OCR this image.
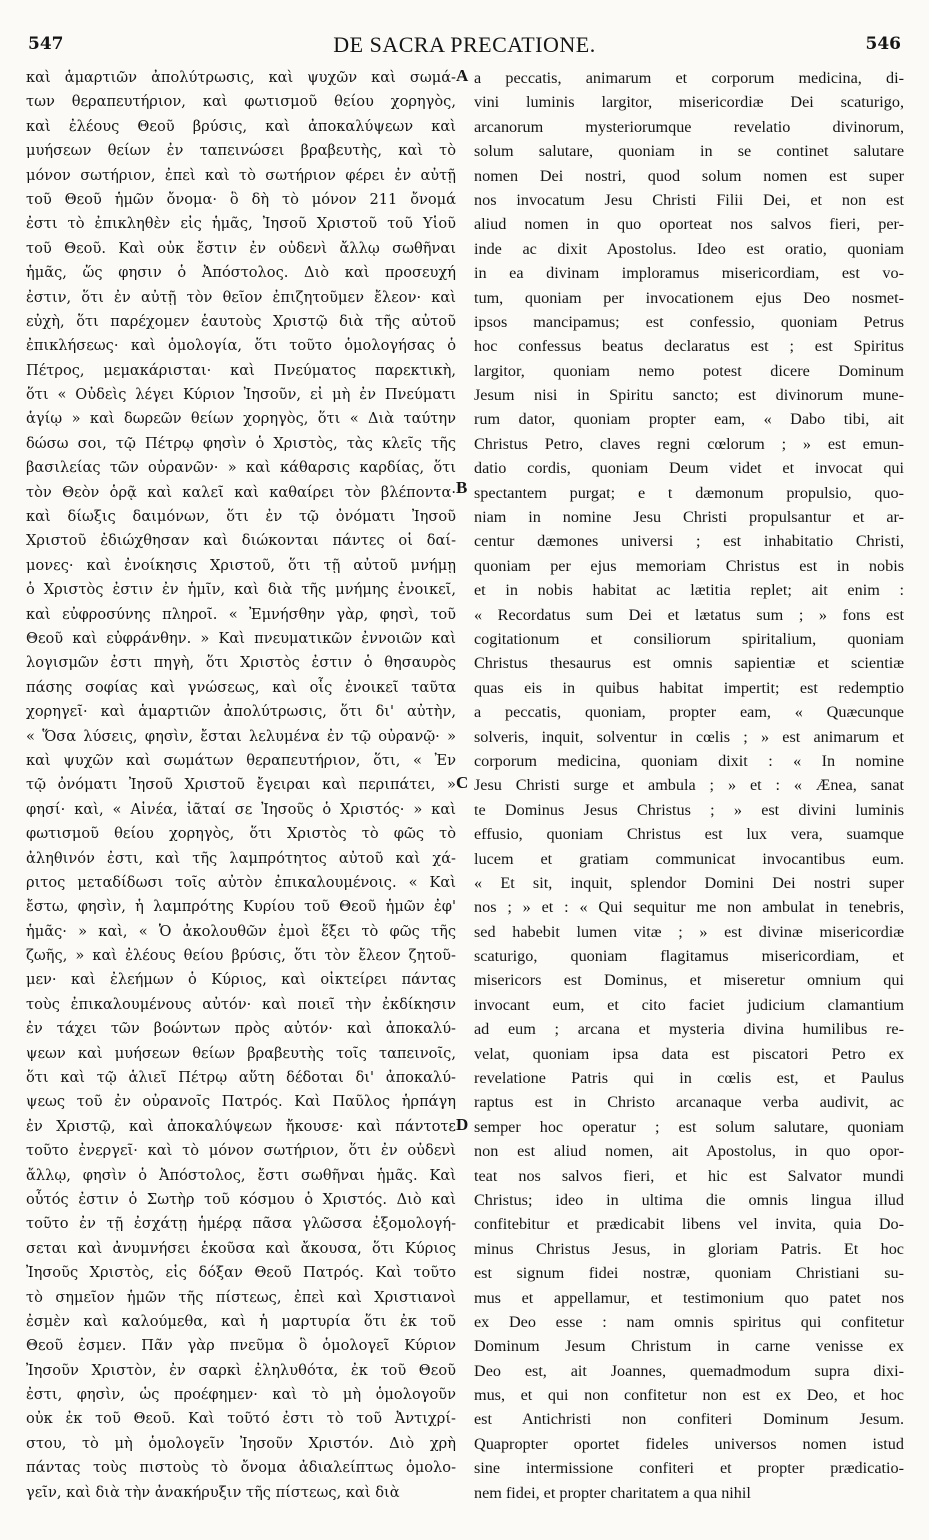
547	DE SACRA PRECATIONE.	546
καὶ ἁμαρτιῶν ἀπολύτρωσις, καὶ ψυχῶν καὶ σωμά-
των θεραπευτήριον, καὶ φωτισμοῦ θείου χορηγὸς,
καὶ ἐλέους Θεοῦ βρύσις, καὶ ἀποκαλύψεων καὶ
μυήσεων θείων ἐν ταπεινώσει βραβευτὴς, καὶ τὸ
μόνον σωτήριον, ἐπεὶ καὶ τὸ σωτήριον φέρει ἐν αὐτῇ
τοῦ Θεοῦ ἡμῶν ὄνομα· ὃ δὴ τὸ μόνον 211 ὄνομά
ἐστι τὸ ἐπικληθὲν εἰς ἡμᾶς, Ἰησοῦ Χριστοῦ τοῦ Υἱοῦ
τοῦ Θεοῦ. Καὶ οὐκ ἔστιν ἐν οὐδενὶ ἄλλῳ σωθῆναι
ἡμᾶς, ὥς φησιν ὁ Ἀπόστολος. Διὸ καὶ προσευχή
ἐστιν, ὅτι ἐν αὐτῇ τὸν θεῖον ἐπιζητοῦμεν ἔλεον· καὶ
εὐχὴ, ὅτι παρέχομεν ἑαυτοὺς Χριστῷ διὰ τῆς αὐτοῦ
ἐπικλήσεως· καὶ ὁμολογία, ὅτι τοῦτο ὁμολογήσας ὁ
Πέτρος, μεμακάρισται· καὶ Πνεύματος παρεκτικὴ,
ὅτι « Οὐδεὶς λέγει Κύριον Ἰησοῦν, εἰ μὴ ἐν Πνεύματι
ἁγίῳ » καὶ δωρεῶν θείων χορηγὸς, ὅτι « Διὰ ταύτην
δώσω σοι, τῷ Πέτρῳ φησὶν ὁ Χριστὸς, τὰς κλεῖς τῆς
βασιλείας τῶν οὐρανῶν· » καὶ κάθαρσις καρδίας, ὅτι
τὸν Θεὸν ὁρᾷ καὶ καλεῖ καὶ καθαίρει τὸν βλέποντα·
καὶ δίωξις δαιμόνων, ὅτι ἐν τῷ ὀνόματι Ἰησοῦ
Χριστοῦ ἐδιώχθησαν καὶ διώκονται πάντες οἱ δαί-
μονες· καὶ ἐνοίκησις Χριστοῦ, ὅτι τῇ αὐτοῦ μνήμῃ
ὁ Χριστὸς ἐστιν ἐν ἡμῖν, καὶ διὰ τῆς μνήμης ἐνοικεῖ,
καὶ εὐφροσύνης πληροῖ. « Ἐμνήσθην γὰρ, φησὶ, τοῦ
Θεοῦ καὶ εὐφράνθην. » Καὶ πνευματικῶν ἐννοιῶν καὶ
λογισμῶν ἐστι πηγὴ, ὅτι Χριστὸς ἐστιν ὁ θησαυρὸς
πάσης σοφίας καὶ γνώσεως, καὶ οἷς ἐνοικεῖ ταῦτα
χορηγεῖ· καὶ ἁμαρτιῶν ἀπολύτρωσις, ὅτι δι' αὐτὴν,
« Ὅσα λύσεις, φησὶν, ἔσται λελυμένα ἐν τῷ οὐρανῷ· »
καὶ ψυχῶν καὶ σωμάτων θεραπευτήριον, ὅτι, « Ἐν
τῷ ὀνόματι Ἰησοῦ Χριστοῦ ἔγειραι καὶ περιπάτει, »
φησί· καὶ, « Αἰνέα, ἰᾶταί σε Ἰησοῦς ὁ Χριστός· » καὶ
φωτισμοῦ θείου χορηγὸς, ὅτι Χριστὸς τὸ φῶς τὸ
ἀληθινόν ἐστι, καὶ τῆς λαμπρότητος αὐτοῦ καὶ χά-
ριτος μεταδίδωσι τοῖς αὐτὸν ἐπικαλουμένοις. « Καὶ
ἔστω, φησὶν, ἡ λαμπρότης Κυρίου τοῦ Θεοῦ ἡμῶν ἐφ'
ἡμᾶς· » καὶ, « Ὁ ἀκολουθῶν ἐμοὶ ἕξει τὸ φῶς τῆς
ζωῆς, » καὶ ἐλέους θείου βρύσις, ὅτι τὸν ἔλεον ζητοῦ-
μεν· καὶ ἐλεήμων ὁ Κύριος, καὶ οἰκτείρει πάντας
τοὺς ἐπικαλουμένους αὐτόν· καὶ ποιεῖ τὴν ἐκδίκησιν
ἐν τάχει τῶν βοώντων πρὸς αὐτόν· καὶ ἀποκαλύ-
ψεων καὶ μυήσεων θείων βραβευτὴς τοῖς ταπεινοῖς,
ὅτι καὶ τῷ ἁλιεῖ Πέτρῳ αὕτη δέδοται δι' ἀποκαλύ-
ψεως τοῦ ἐν οὐρανοῖς Πατρός. Καὶ Παῦλος ἡρπάγη
ἐν Χριστῷ, καὶ ἀποκαλύψεων ἤκουσε· καὶ πάντοτε
τοῦτο ἐνεργεῖ· καὶ τὸ μόνον σωτήριον, ὅτι ἐν οὐδενὶ
ἄλλῳ, φησὶν ὁ Ἀπόστολος, ἔστι σωθῆναι ἡμᾶς. Καὶ
οὗτός ἐστιν ὁ Σωτὴρ τοῦ κόσμου ὁ Χριστός. Διὸ καὶ
τοῦτο ἐν τῇ ἐσχάτῃ ἡμέρᾳ πᾶσα γλῶσσα ἐξομολογή-
σεται καὶ ἀνυμνήσει ἑκοῦσα καὶ ἄκουσα, ὅτι Κύριος
Ἰησοῦς Χριστὸς, εἰς δόξαν Θεοῦ Πατρός. Καὶ τοῦτο
τὸ σημεῖον ἡμῶν τῆς πίστεως, ἐπεὶ καὶ Χριστιανοὶ
ἐσμὲν καὶ καλούμεθα, καὶ ἡ μαρτυρία ὅτι ἐκ τοῦ
Θεοῦ ἐσμεν. Πᾶν γὰρ πνεῦμα ὃ ὁμολογεῖ Κύριον
Ἰησοῦν Χριστὸν, ἐν σαρκὶ ἐληλυθότα, ἐκ τοῦ Θεοῦ
ἐστι, φησὶν, ὡς προέφημεν· καὶ τὸ μὴ ὁμολογοῦν
οὐκ ἐκ τοῦ Θεοῦ. Καὶ τοῦτό ἐστι τὸ τοῦ Ἀντιχρί-
στου, τὸ μὴ ὁμολογεῖν Ἰησοῦν Χριστόν. Διὸ χρὴ
πάντας τοὺς πιστοὺς τὸ ὄνομα ἀδιαλείπτως ὁμολο-
γεῖν, καὶ διὰ τὴν ἀνακήρυξιν τῆς πίστεως, καὶ διὰ
A
B
C
D
a peccatis, animarum et corporum medicina, di-
vini luminis largitor, misericordiæ Dei scaturigo,
arcanorum mysteriorumque revelatio divinorum,
solum salutare, quoniam in se continet salutare
nomen Dei nostri, quod solum nomen est super
nos invocatum Jesu Christi Filii Dei, et non est
aliud nomen in quo oporteat nos salvos fieri, per-
inde ac dixit Apostolus. Ideo est oratio, quoniam
in ea divinam imploramus misericordiam, est vo-
tum, quoniam per invocationem ejus Deo nosmet-
ipsos mancipamus; est confessio, quoniam Petrus
hoc confessus beatus declaratus est ; est Spiritus
largitor, quoniam nemo potest dicere Dominum
Jesum nisi in Spiritu sancto; est divinorum mune-
rum dator, quoniam propter eam, « Dabo tibi, ait
Christus Petro, claves regni cœlorum ; » est emun-
datio cordis, quoniam Deum videt et invocat qui
spectantem purgat; e t dæmonum propulsio, quo-
niam in nomine Jesu Christi propulsantur et ar-
centur dæmones universi ; est inhabitatio Christi,
quoniam per ejus memoriam Christus est in nobis
et in nobis habitat ac lætitia replet; ait enim :
« Recordatus sum Dei et lætatus sum ; » fons est
cogitationum et consiliorum spiritalium, quoniam
Christus thesaurus est omnis sapientiæ et scientiæ
quas eis in quibus habitat impertit; est redemptio
a peccatis, quoniam, propter eam, « Quæcunque
solveris, inquit, solventur in cœlis ; » est animarum et
corporum medicina, quoniam dixit : « In nomine
Jesu Christi surge et ambula ; » et : « Ænea, sanat
te Dominus Jesus Christus ; » est divini luminis
effusio, quoniam Christus est lux vera, suamque
lucem et gratiam communicat invocantibus eum.
« Et sit, inquit, splendor Domini Dei nostri super
nos ; » et : « Qui sequitur me non ambulat in tenebris,
sed habebit lumen vitæ ; » est divinæ misericordiæ
scaturigo, quoniam flagitamus misericordiam, et
misericors est Dominus, et miseretur omnium qui
invocant eum, et cito faciet judicium clamantium
ad eum ; arcana et mysteria divina humilibus re-
velat, quoniam ipsa data est piscatori Petro ex
revelatione Patris qui in cœlis est, et Paulus
raptus est in Christo arcanaque verba audivit, ac
semper hoc operatur ; est solum salutare, quoniam
non est aliud nomen, ait Apostolus, in quo opor-
teat nos salvos fieri, et hic est Salvator mundi
Christus; ideo in ultima die omnis lingua illud
confitebitur et prædicabit libens vel invita, quia Do-
minus Christus Jesus, in gloriam Patris. Et hoc
est signum fidei nostræ, quoniam Christiani su-
mus et appellamur, et testimonium quo patet nos
ex Deo esse : nam omnis spiritus qui confitetur
Dominum Jesum Christum in carne venisse ex
Deo est, ait Joannes, quemadmodum supra dixi-
mus, et qui non confitetur non est ex Deo, et hoc
est Antichristi non confiteri Dominum Jesum.
Quapropter oportet fideles universos nomen istud
sine intermissione confiteri et propter prædicatio-
nem fidei, et propter charitatem a qua nihil
